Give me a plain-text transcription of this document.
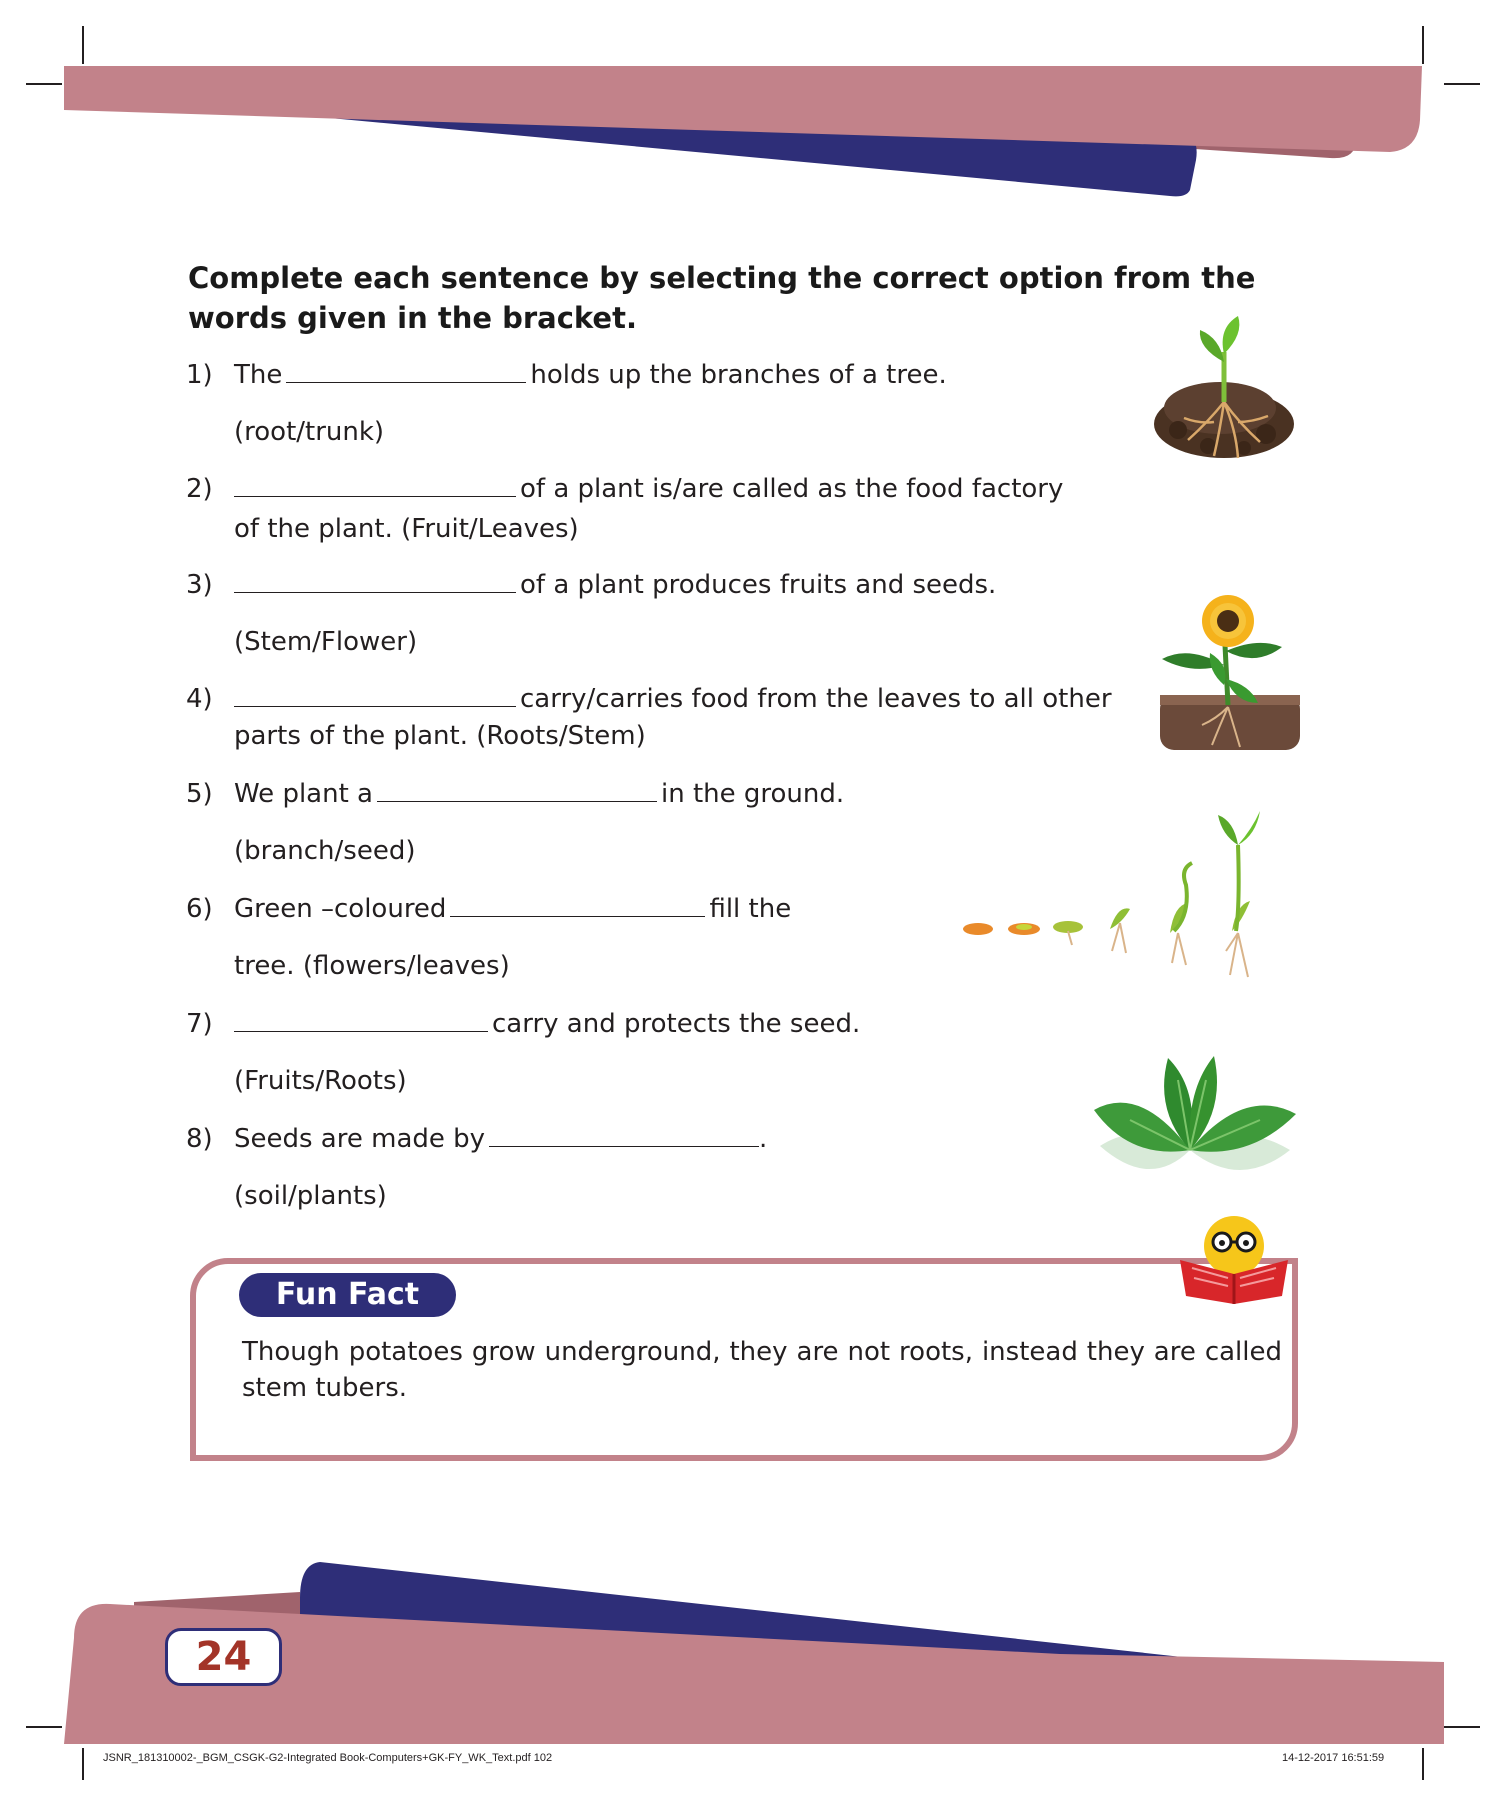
Complete each sentence by selecting the correct option from the words given in the bracket.

1) The	holds up the branches of a tree.
(root/trunk)
2)	of a plant is/are called as the food factory
of the plant. (Fruit/Leaves)
3)	of a plant produces fruits and seeds.
(Stem/Flower)
4)	carry/carries food from the leaves to all other
parts of the plant. (Roots/Stem)
5) We plant a	in the ground.
(branch/seed)
6) Green –coloured	fill the
tree. (flowers/leaves)
7)	carry and protects the seed.
(Fruits/Roots)
8) Seeds are made by	.
(soil/plants)
Fun Fact

Though potatoes grow underground, they are not roots, instead they are called stem tubers.

24
JSNR_181310002-_BGM_CSGK-G2-Integrated Book-Computers+GK-FY_WK_Text.pdf 102	14-12-2017 16:51:59
